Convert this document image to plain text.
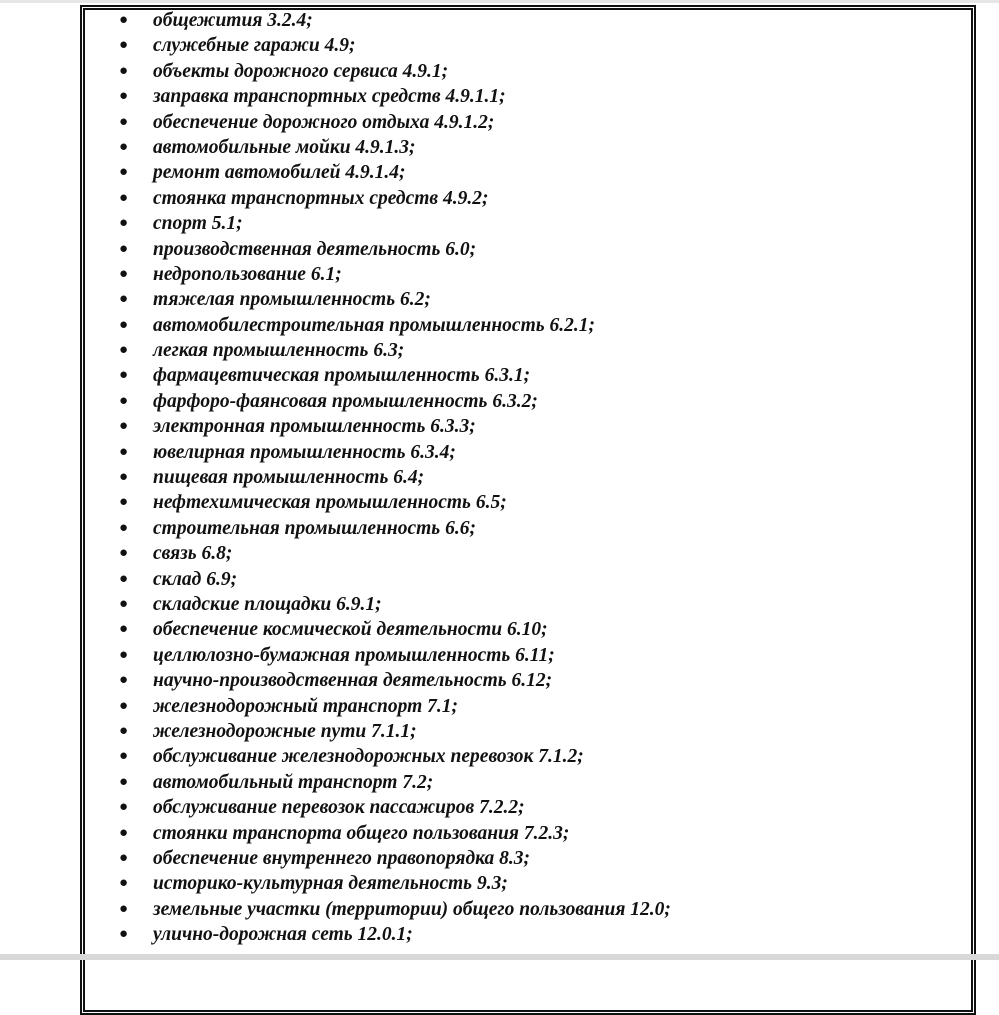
● общежития 3.2.4;
● служебные гаражи 4.9;
● объекты дорожного сервиса 4.9.1;
● заправка транспортных средств 4.9.1.1;
● обеспечение дорожного отдыха 4.9.1.2;
● автомобильные мойки 4.9.1.3;
● ремонт автомобилей 4.9.1.4;
● стоянка транспортных средств 4.9.2;
● спорт 5.1;
● производственная деятельность 6.0;
● недропользование 6.1;
● тяжелая промышленность 6.2;
● автомобилестроительная промышленность 6.2.1;
● легкая промышленность 6.3;
● фармацевтическая промышленность 6.3.1;
● фарфоро-фаянсовая промышленность 6.3.2;
● электронная промышленность 6.3.3;
● ювелирная промышленность 6.3.4;
● пищевая промышленность 6.4;
● нефтехимическая промышленность 6.5;
● строительная промышленность 6.6;
● связь 6.8;
● склад 6.9;
● складские площадки 6.9.1;
● обеспечение космической деятельности 6.10;
● целлюлозно-бумажная промышленность 6.11;
● научно-производственная деятельность 6.12;
● железнодорожный транспорт 7.1;
● железнодорожные пути 7.1.1;
● обслуживание железнодорожных перевозок 7.1.2;
● автомобильный транспорт 7.2;
● обслуживание перевозок пассажиров 7.2.2;
● стоянки транспорта общего пользования 7.2.3;
● обеспечение внутреннего правопорядка 8.3;
● историко-культурная деятельность 9.3;
● земельные участки (территории) общего пользования 12.0;
● улично-дорожная сеть 12.0.1;
